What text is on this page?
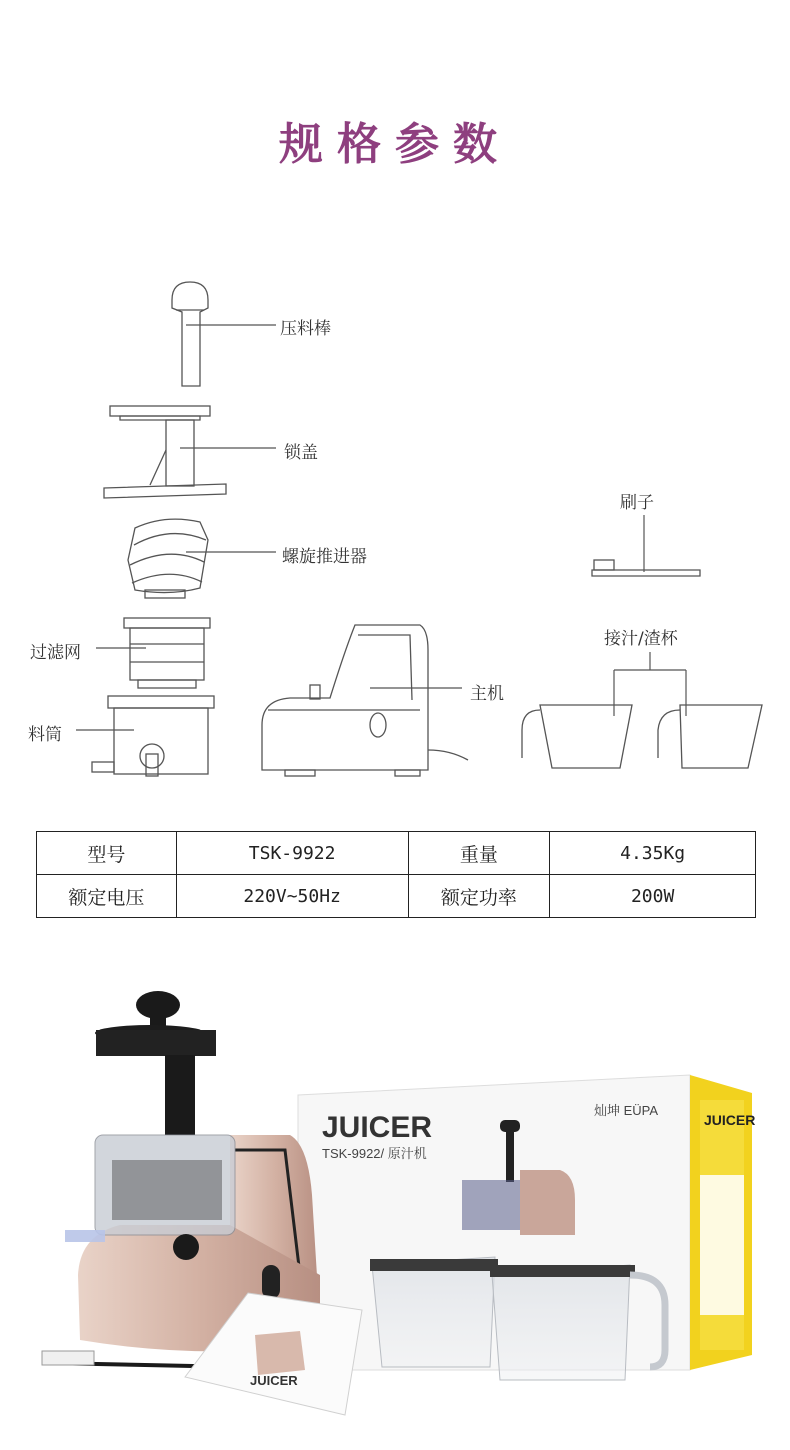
规格参数
压料棒
锁盖
螺旋推进器
刷子
过滤网
主机
接汁/渣杯
料筒
型号	TSK-9922	重量	4.35Kg
额定电压	220V~50Hz	额定功率	200W
JUICER
TSK-9922/ 原汁机
灿坤 EÜPA
JUICER
JUICER
